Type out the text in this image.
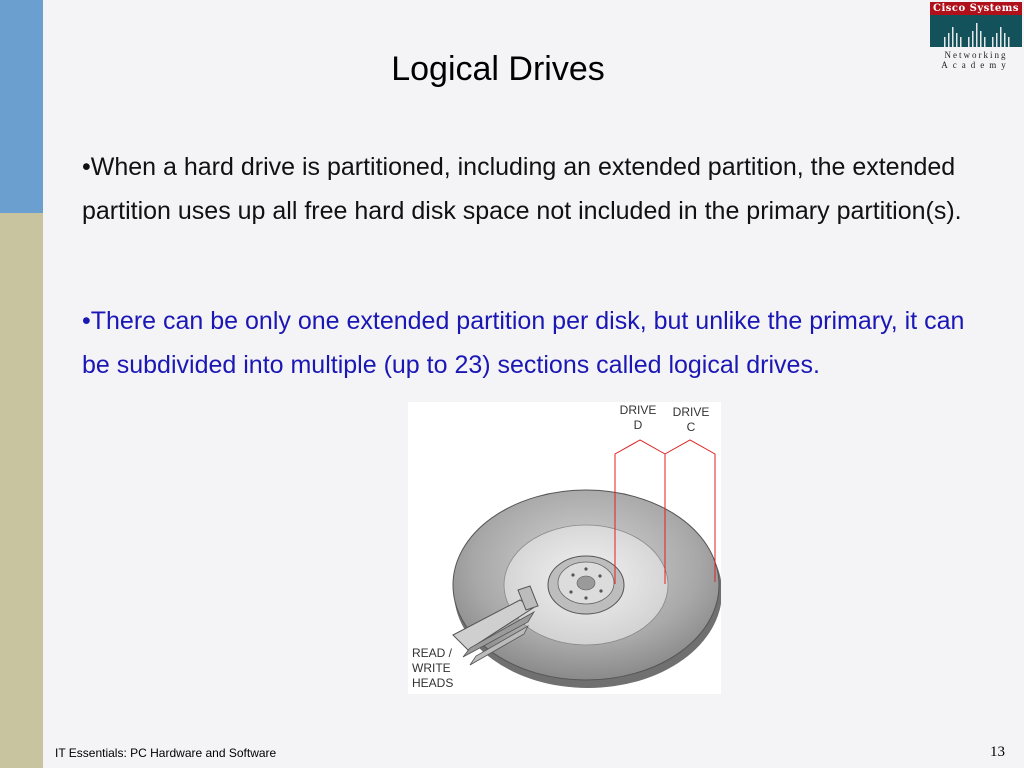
Cisco Systems
Networking
Academy
Logical Drives
•When a hard drive is partitioned, including an extended partition, the extended partition uses up all free hard disk space not included in the primary partition(s).
•There can be only one extended partition per disk, but unlike the primary, it can be subdivided into multiple (up to 23) sections called logical drives.
DRIVE
D
DRIVE
C
READ /
WRITE
HEADS
IT Essentials: PC Hardware and Software	13
